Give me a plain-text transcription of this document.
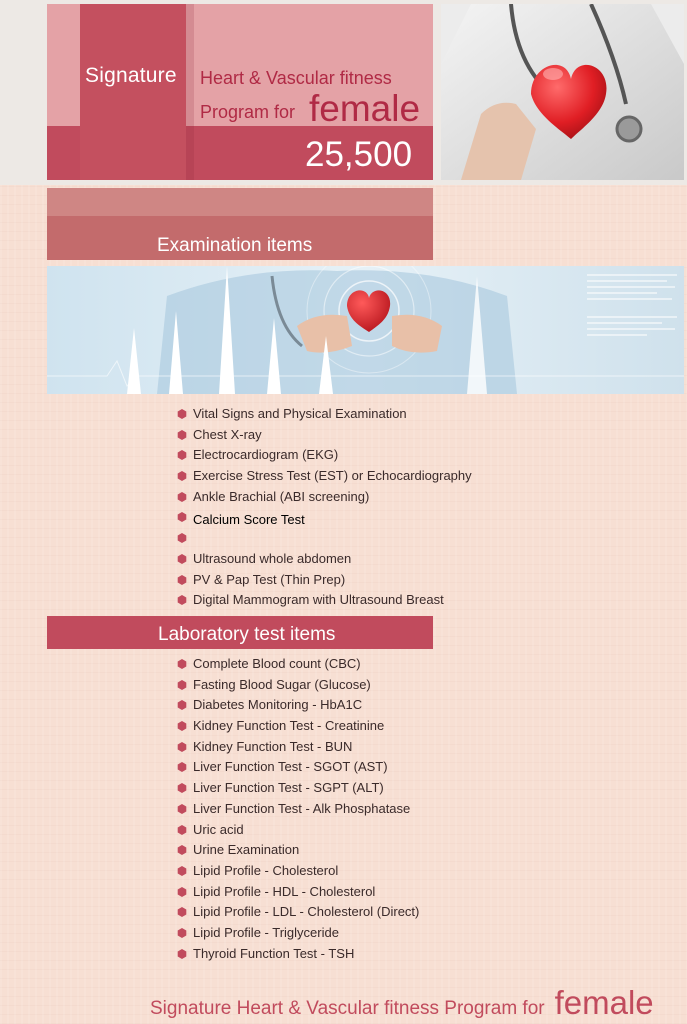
Signature Heart & Vascular fitness
Program for female
25,500
Examination items
Vital Signs and Physical Examination
Chest X-ray
Electrocardiogram (EKG)
Exercise Stress Test (EST) or Echocardiography
Ankle Brachial (ABI screening)
Calcium Score Test
Ultrasound whole abdomen
PV & Pap Test (Thin Prep)
Digital Mammogram with Ultrasound Breast
Laboratory test items
Complete Blood count (CBC)
Fasting Blood Sugar (Glucose)
Diabetes Monitoring - HbA1C
Kidney Function Test - Creatinine
Kidney Function Test - BUN
Liver Function Test - SGOT (AST)
Liver Function Test - SGPT (ALT)
Liver Function Test - Alk Phosphatase
Uric acid
Urine Examination
Lipid Profile - Cholesterol
Lipid Profile - HDL - Cholesterol
Lipid Profile - LDL - Cholesterol (Direct)
Lipid Profile - Triglyceride
Thyroid Function Test - TSH
Signature Heart & Vascular fitness Program for female
